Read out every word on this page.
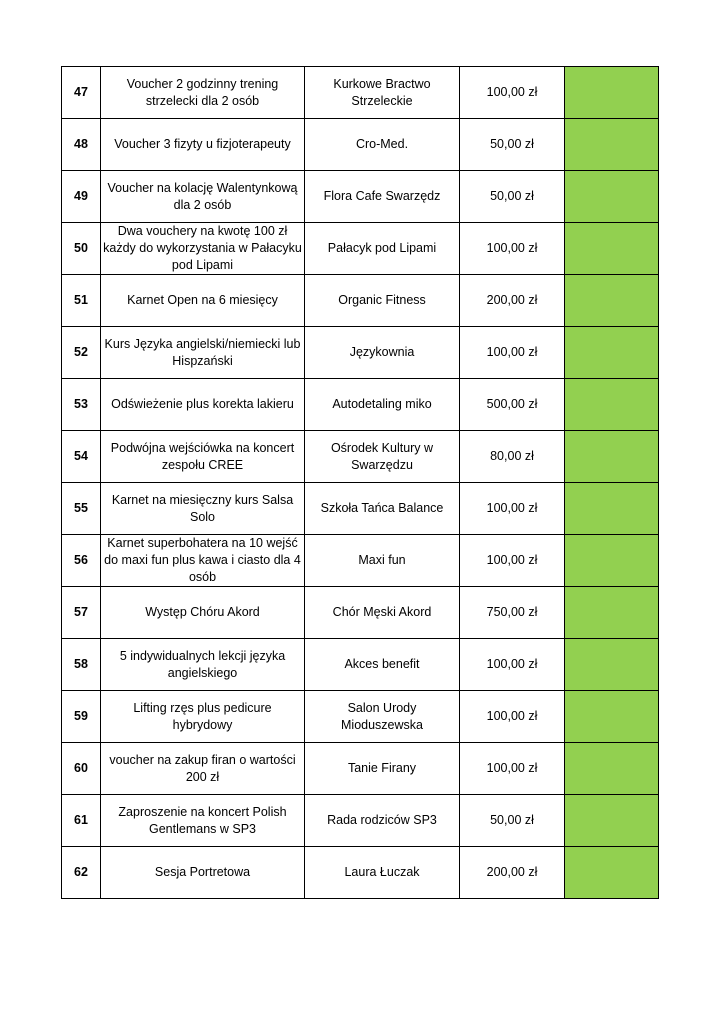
47	Voucher 2 godzinny trening strzelecki dla 2 osób	Kurkowe Bractwo Strzeleckie	100,00 zł	

48	Voucher 3 fizyty u fizjoterapeuty	Cro-Med.	50,00 zł	

49	Voucher na kolację Walentynkową dla 2 osób	Flora Cafe Swarzędz	50,00 zł	

50	Dwa vouchery na kwotę 100 zł każdy do wykorzystania w Pałacyku pod Lipami	Pałacyk pod Lipami	100,00 zł	

51	Karnet Open na 6 miesięcy	Organic Fitness	200,00 zł	

52	Kurs Języka angielski/niemiecki lub Hispzański	Językownia	100,00 zł	

53	Odświeżenie plus korekta lakieru	Autodetaling miko	500,00 zł	

54	Podwójna wejściówka na koncert zespołu CREE	Ośrodek Kultury w Swarzędzu	80,00 zł	

55	Karnet na miesięczny kurs Salsa Solo	Szkoła Tańca Balance	100,00 zł	

56	Karnet superbohatera na 10 wejść do maxi fun plus kawa i ciasto dla 4 osób	Maxi fun	100,00 zł	

57	Występ Chóru Akord	Chór Męski Akord	750,00 zł	

58	5 indywidualnych lekcji języka angielskiego	Akces benefit	100,00 zł	

59	Lifting rzęs plus pedicure hybrydowy	Salon Urody Mioduszewska	100,00 zł	

60	voucher na zakup firan o wartości 200 zł	Tanie Firany	100,00 zł	

61	Zaproszenie na koncert Polish Gentlemans w SP3	Rada rodziców SP3	50,00 zł	

62	Sesja Portretowa	Laura Łuczak	200,00 zł	
